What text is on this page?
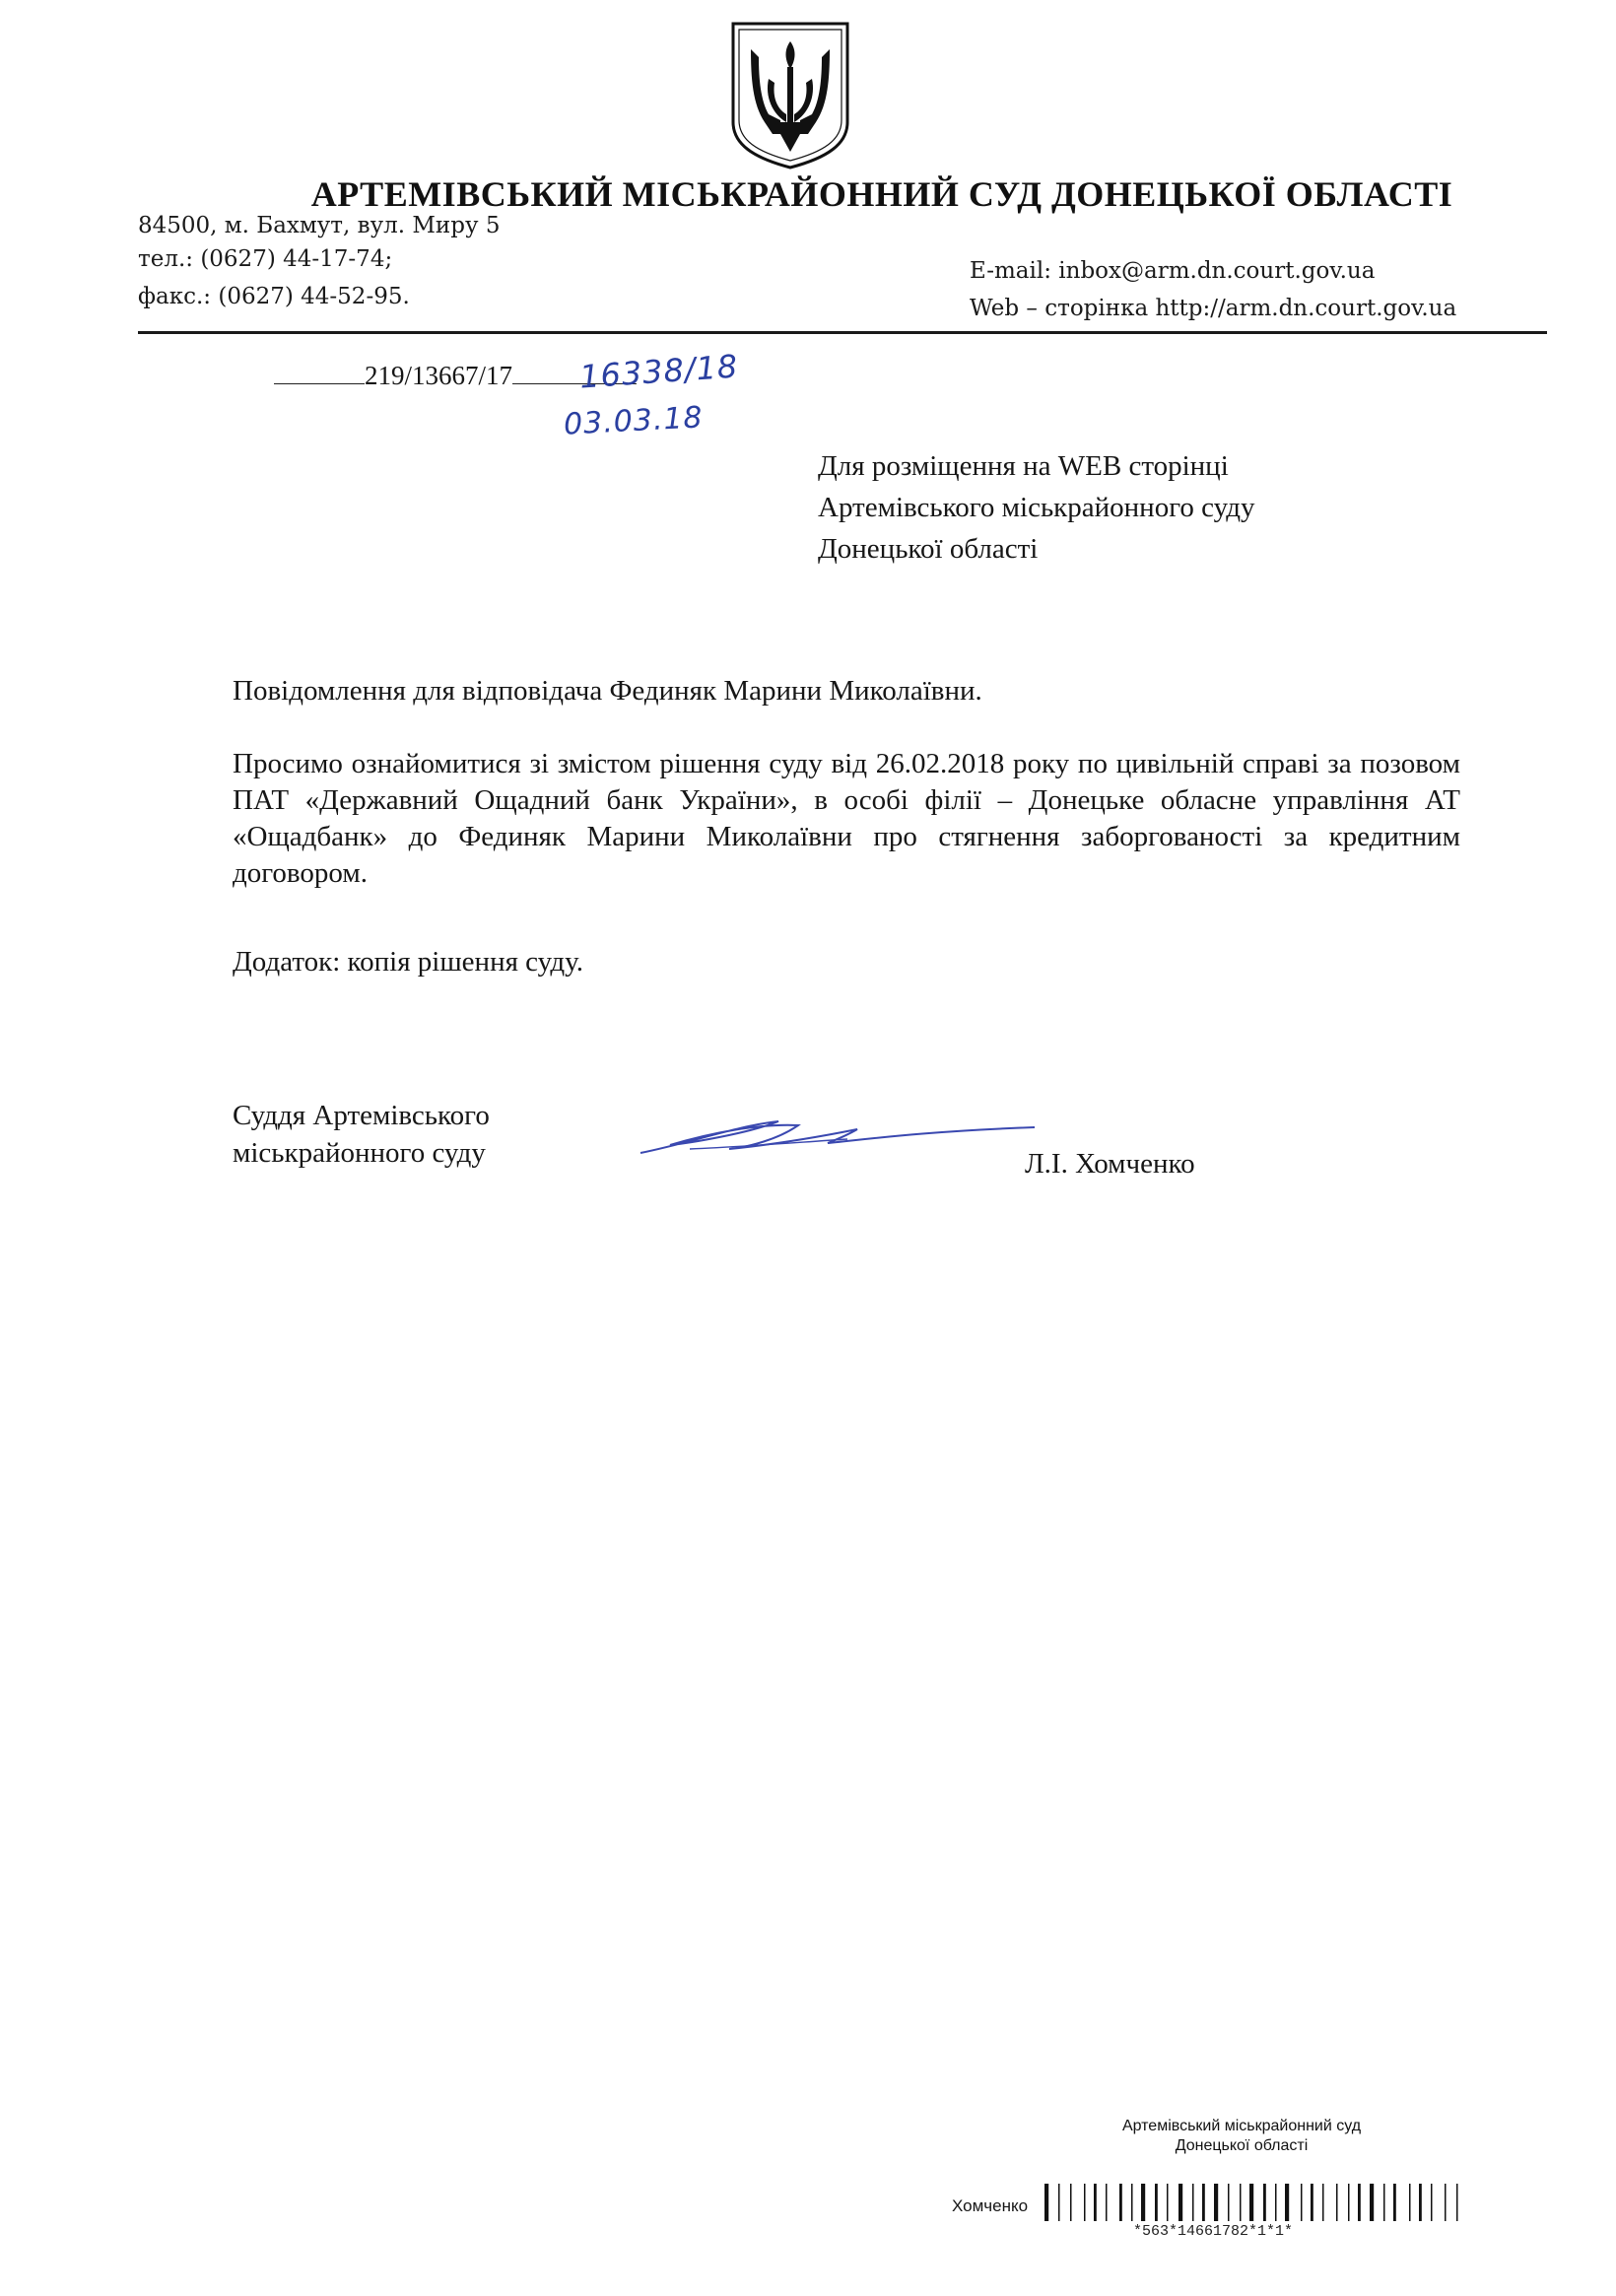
АРТЕМІВСЬКИЙ МІСЬКРАЙОННИЙ СУД ДОНЕЦЬКОЇ ОБЛАСТІ
84500, м. Бахмут, вул. Миру 5
тел.: (0627) 44-17-74;
факс.: (0627) 44-52-95.
E-mail: inbox@arm.dn.court.gov.ua
Web – сторінка http://arm.dn.court.gov.ua
219/13667/17	16338/18
03.03.18
Для розміщення на WEB сторінці
Артемівського міськрайонного суду
Донецької області
Повідомлення для відповідача Фединяк Марини Миколаївни.
Просимо ознайомитися зі змістом рішення суду від 26.02.2018 року по цивільній справі за позовом ПАТ «Державний Ощадний банк України», в особі філії – Донецьке обласне управління АТ «Ощадбанк» до Фединяк Марини Миколаївни про стягнення заборгованості за кредитним договором.
Додаток: копія рішення суду.
Суддя Артемівського
міськрайонного суду	Л.І. Хомченко
Артемівський міськрайонний суд
Донецької області
Хомченко
*563*14661782*1*1*
